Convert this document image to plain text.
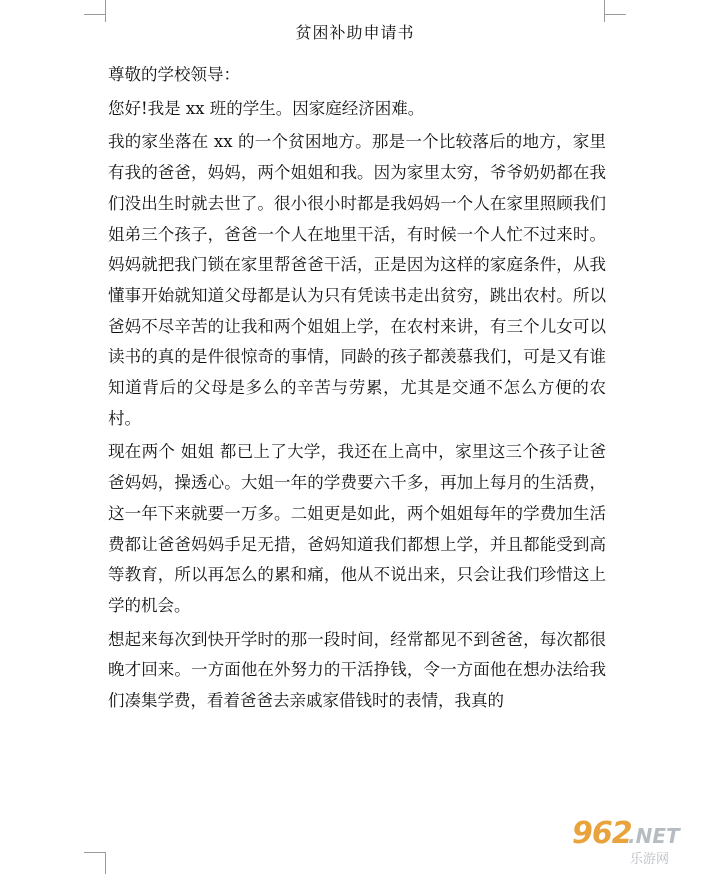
贫困补助申请书

尊敬的学校领导：

您好!我是 xx 班的学生。因家庭经济困难。

我的家坐落在 xx 的一个贫困地方。那是一个比较落后的地方，家里有我的爸爸，妈妈，两个姐姐和我。因为家里太穷，爷爷奶奶都在我们没出生时就去世了。很小很小时都是我妈妈一个人在家里照顾我们姐弟三个孩子，爸爸一个人在地里干活，有时候一个人忙不过来时。妈妈就把我门锁在家里帮爸爸干活，正是因为这样的家庭条件，从我懂事开始就知道父母都是认为只有凭读书走出贫穷，跳出农村。所以爸妈不尽辛苦的让我和两个姐姐上学，在农村来讲，有三个儿女可以读书的真的是件很惊奇的事情，同龄的孩子都羡慕我们，可是又有谁知道背后的父母是多么的辛苦与劳累，尤其是交通不怎么方便的农村。

现在两个 姐姐 都已上了大学，我还在上高中，家里这三个孩子让爸爸妈妈，操透心。大姐一年的学费要六千多，再加上每月的生活费，这一年下来就要一万多。二姐更是如此，两个姐姐每年的学费加生活费都让爸爸妈妈手足无措，爸妈知道我们都想上学，并且都能受到高等教育，所以再怎么的累和痛，他从不说出来，只会让我们珍惜这上学的机会。

想起来每次到快开学时的那一段时间，经常都见不到爸爸，每次都很晚才回来。一方面他在外努力的干活挣钱，令一方面他在想办法给我们凑集学费，看着爸爸去亲戚家借钱时的表情，我真的

962
.NET
乐游网
